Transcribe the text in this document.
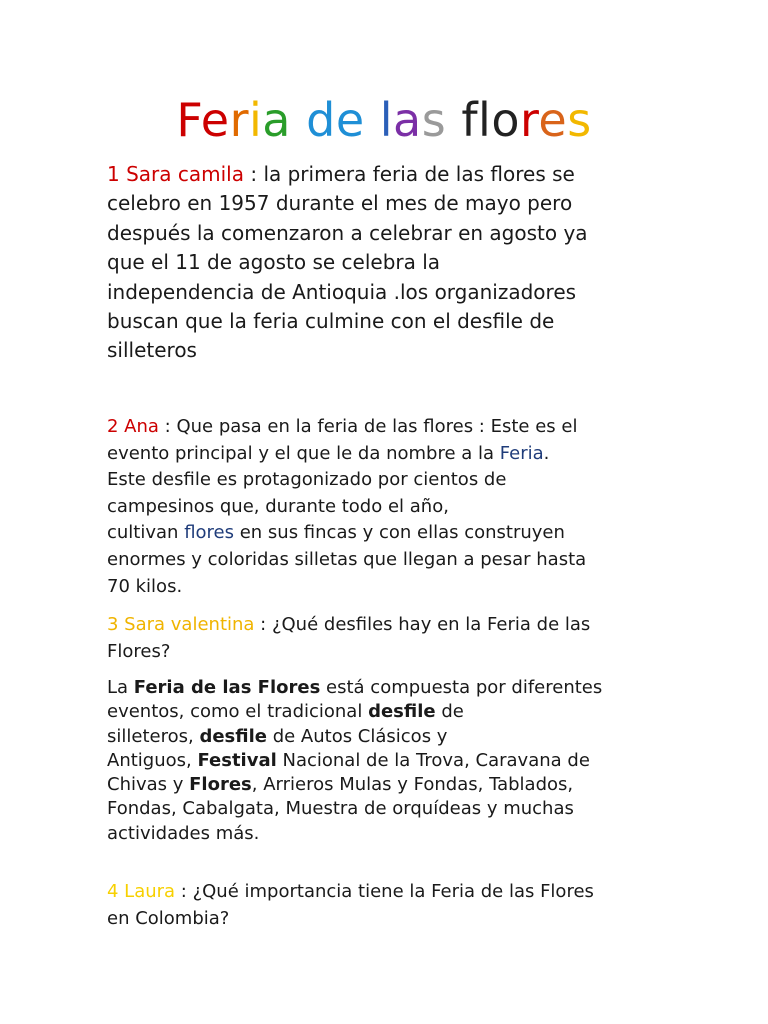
Feria de las flores
1 Sara camila : la primera feria de las flores se
celebro en 1957 durante el mes de mayo pero
después la comenzaron a celebrar en agosto ya
que el 11 de agosto se celebra la
independencia de Antioquia .los organizadores
buscan que la feria culmine con el desfile de
silleteros
2 Ana : Que pasa en la feria de las flores : Este es el
evento principal y el que le da nombre a la Feria.
Este desfile es protagonizado por cientos de
campesinos que, durante todo el año,
cultivan flores en sus fincas y con ellas construyen
enormes y coloridas silletas que llegan a pesar hasta
70 kilos.
3 Sara valentina : ¿Qué desfiles hay en la Feria de las
Flores?
La Feria de las Flores está compuesta por diferentes
eventos, como el tradicional desfile de
silleteros, desfile de Autos Clásicos y
Antiguos, Festival Nacional de la Trova, Caravana de
Chivas y Flores, Arrieros Mulas y Fondas, Tablados,
Fondas, Cabalgata, Muestra de orquídeas y muchas
actividades más.
4 Laura : ¿Qué importancia tiene la Feria de las Flores
en Colombia?
